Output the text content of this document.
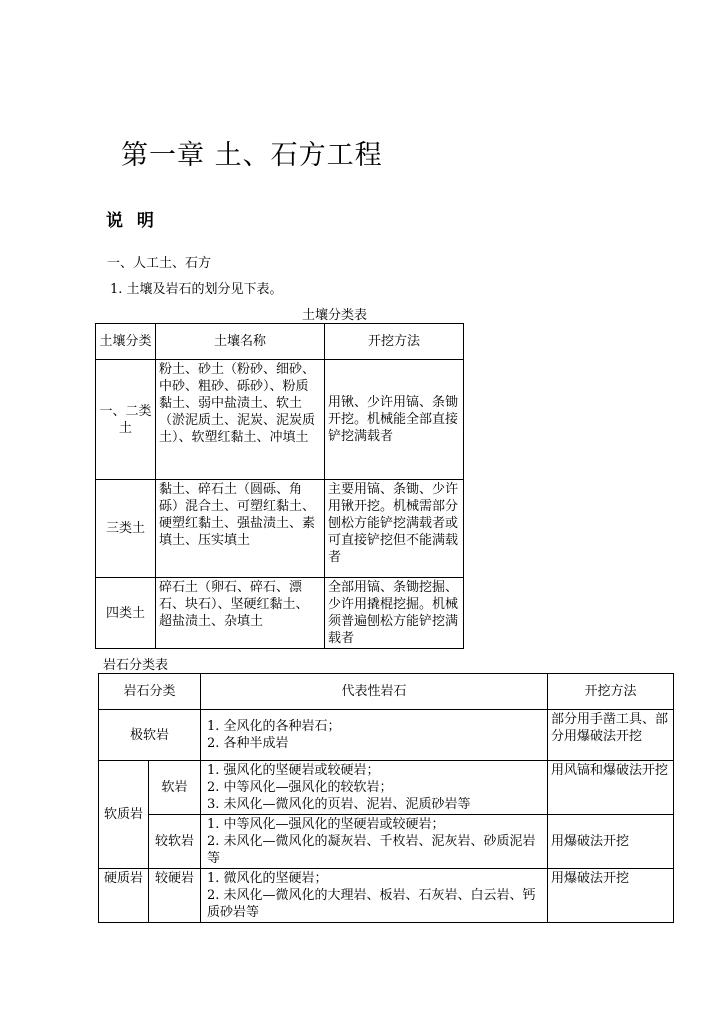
第一章 土、石方工程
说 明
一、人工土、石方
1. 土壤及岩石的划分见下表。
土壤分类表
土壤分类	土壤名称	开挖方法
一、二类土	粉土、砂土（粉砂、细砂、中砂、粗砂、砾砂）、粉质黏土、弱中盐渍土、软土（淤泥质土、泥炭、泥炭质土）、软塑红黏土、冲填土	用锹、少许用镐、条锄开挖。机械能全部直接铲挖满载者
三类土	黏土、碎石土（圆砾、角砾）混合土、可塑红黏土、硬塑红黏土、强盐渍土、素填土、压实填土	主要用镐、条锄、少许用锹开挖。机械需部分刨松方能铲挖满载者或可直接铲挖但不能满载者
四类土	碎石土（卵石、碎石、漂石、块石）、坚硬红黏土、超盐渍土、杂填土	全部用镐、条锄挖掘、少许用撬棍挖掘。机械须普遍刨松方能铲挖满载者
岩石分类表
岩石分类		代表性岩石	开挖方法
极软岩		1. 全风化的各种岩石；
2. 各种半成岩	部分用手凿工具、部分用爆破法开挖
软质岩	软岩	1. 强风化的坚硬岩或较硬岩；
2. 中等风化—强风化的较软岩；
3. 未风化—微风化的页岩、泥岩、泥质砂岩等	用风镐和爆破法开挖
	较软岩	1. 中等风化—强风化的坚硬岩或较硬岩；
2. 未风化—微风化的凝灰岩、千枚岩、泥灰岩、砂质泥岩等	用爆破法开挖
硬质岩	较硬岩	1. 微风化的坚硬岩；
2. 未风化—微风化的大理岩、板岩、石灰岩、白云岩、钙质砂岩等	用爆破法开挖
